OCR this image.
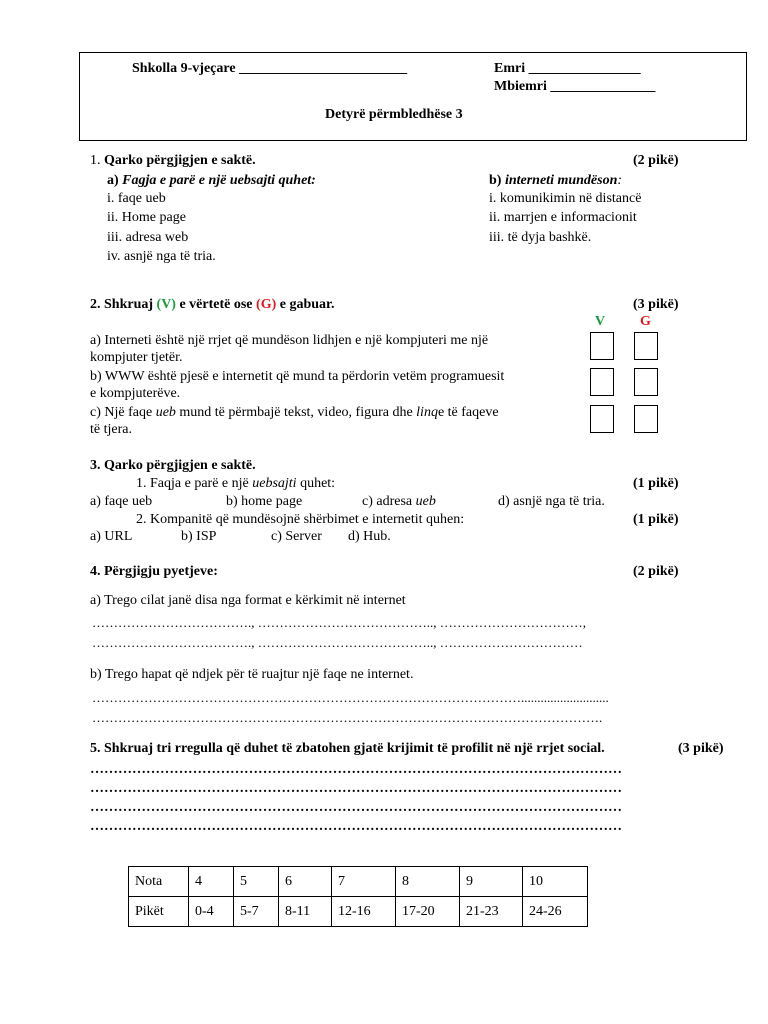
Shkolla 9-vjeçare ________________________	Emri ________________
Mbiemri _______________
Detyrë përmbledhëse 3
1. Qarko përgjigjen e saktë.	(2 pikë)
a) Fagja e parë e një uebsajti quhet:
i. faqe ueb
ii. Home page
iii. adresa web
iv. asnjë nga të tria.
b) interneti mundëson:
i. komunikimin në distancë
ii. marrjen e informacionit
iii. të dyja bashkë.
2. Shkruaj (V) e vërtetë ose (G) e gabuar.	(3 pikë)
V G
a) Interneti është një rrjet që mundëson lidhjen e një kompjuteri me një
kompjuter tjetër.
b) WWW është pjesë e internetit që mund ta përdorin vetëm programuesit
e kompjuterëve.
c) Një faqe ueb mund të përmbajë tekst, video, figura dhe linqe të faqeve
të tjera.
3. Qarko përgjigjen e saktë.
1. Faqja e parë e një uebsajti quhet:	(1 pikë)
a) faqe ueb	b) home page	c) adresa ueb	d) asnjë nga të tria.
2. Kompanitë që mundësojnë shërbimet e internetit quhen:	(1 pikë)
a) URL	b) ISP	c) Server d) Hub.
4. Përgjigju pyetjeve:	(2 pikë)
a) Trego cilat janë disa nga format e kërkimit në internet
………………………………., ………………………………….., ……………………………,
………………………………., ………………………………….., ……………………………
b) Trego hapat që ndjek për të ruajtur një faqe ne internet.
………………………………………………………………………………………...........................
……………………………………………………………………………………………………….
5. Shkruaj tri rregulla që duhet të zbatohen gjatë krijimit të profilit në një rrjet social.	(3 pikë)
……………………………………………………………………………………………………
……………………………………………………………………………………………………
……………………………………………………………………………………………………
……………………………………………………………………………………………………
Nota	4	5	6	7	8	9	10
Pikët	0-4	5-7	8-11	12-16	17-20	21-23	24-26
